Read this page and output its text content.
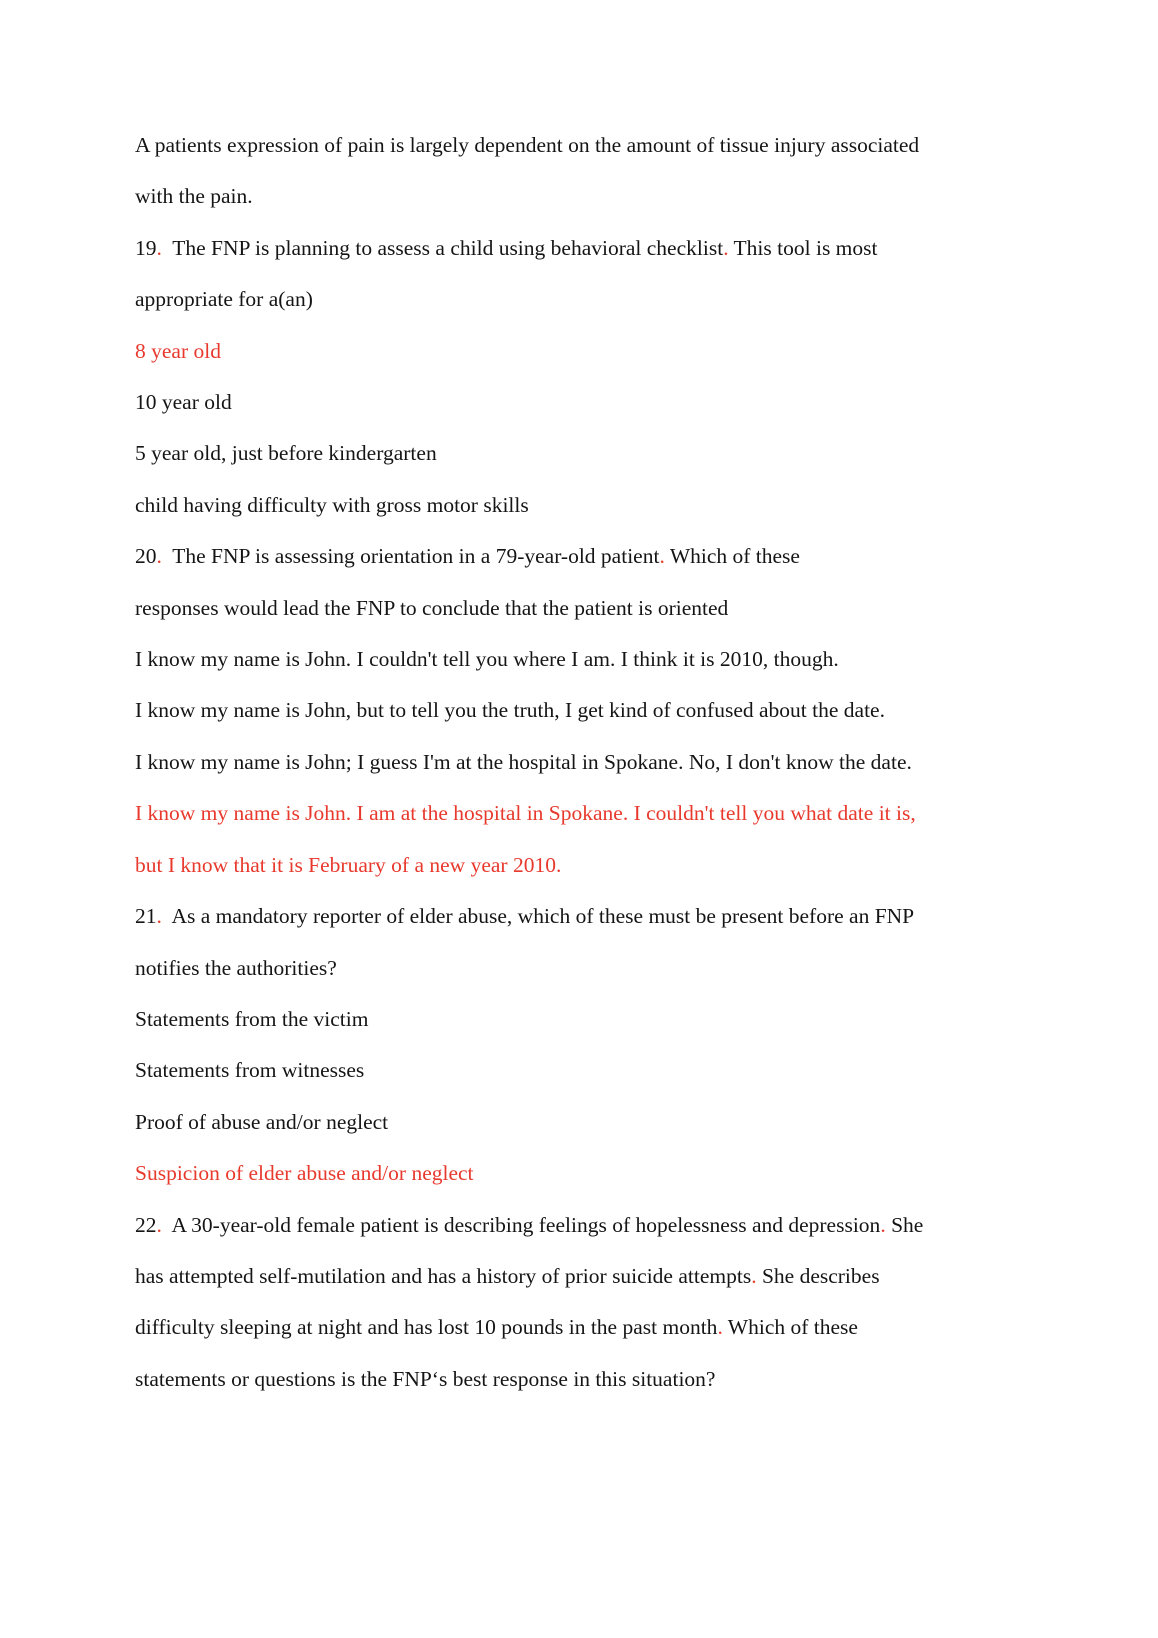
A patients expression of pain is largely dependent on the amount of tissue injury associated
with the pain.
19.  The FNP is planning to assess a child using behavioral checklist. This tool is most
appropriate for a(an)
8 year old
10 year old
5 year old, just before kindergarten
child having difficulty with gross motor skills
20.  The FNP is assessing orientation in a 79-year-old patient. Which of these
responses would lead the FNP to conclude that the patient is oriented
I know my name is John. I couldn't tell you where I am. I think it is 2010, though.
I know my name is John, but to tell you the truth, I get kind of confused about the date.
I know my name is John; I guess I'm at the hospital in Spokane. No, I don't know the date.
I know my name is John. I am at the hospital in Spokane. I couldn't tell you what date it is,
but I know that it is February of a new year 2010.
21.  As a mandatory reporter of elder abuse, which of these must be present before an FNP
notifies the authorities?
Statements from the victim
Statements from witnesses
Proof of abuse and/or neglect
Suspicion of elder abuse and/or neglect
22.  A 30-year-old female patient is describing feelings of hopelessness and depression. She
has attempted self-mutilation and has a history of prior suicide attempts. She describes
difficulty sleeping at night and has lost 10 pounds in the past month. Which of these
statements or questions is the FNP‘s best response in this situation?
